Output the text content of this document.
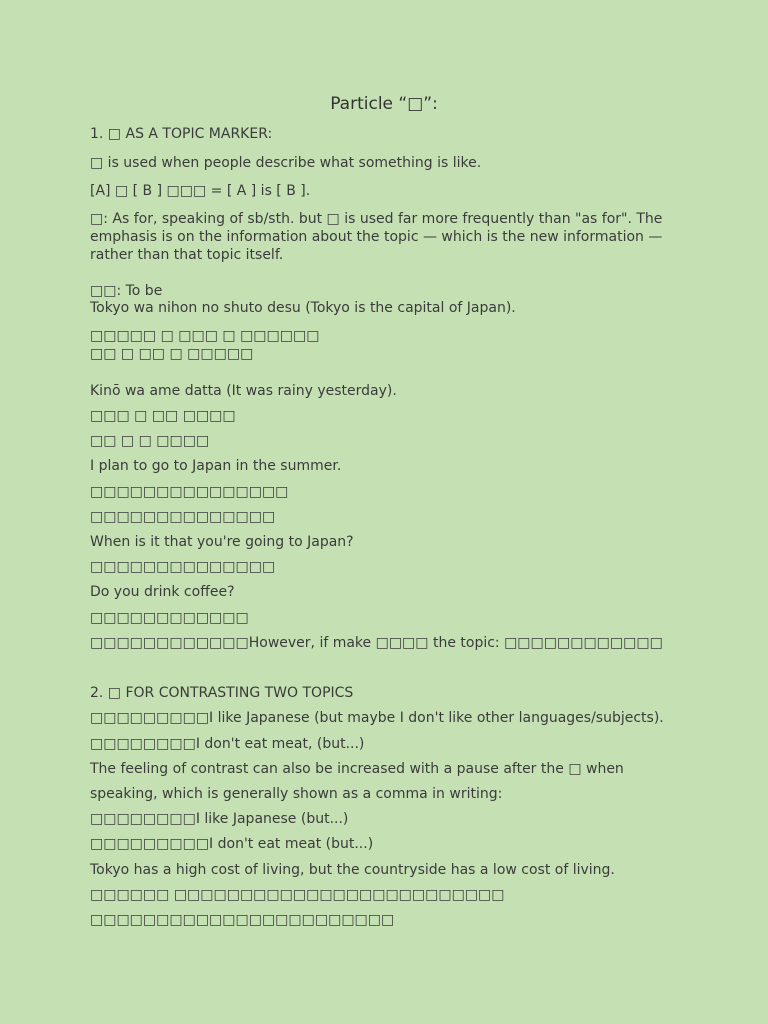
Particle “□”:
1. □ AS A TOPIC MARKER:
□ is used when people describe what something is like.
[A] □ [ B ] □□□ = [ A ] is [ B ].
□: As for, speaking of sb/sth. but □ is used far more frequently than "as for". The emphasis is on the information about the topic — which is the new information — rather than that topic itself.
□□: To be
Tokyo wa nihon no shuto desu (Tokyo is the capital of Japan).
□□□□□ □ □□□ □ □□□□□□
□□ □ □□ □ □□□□□
Kinō wa ame datta (It was rainy yesterday).
□□□ □ □□ □□□□
□□ □ □ □□□□
I plan to go to Japan in the summer.
□□□□□□□□□□□□□□□
□□□□□□□□□□□□□□
When is it that you're going to Japan?
□□□□□□□□□□□□□□
Do you drink coffee?
□□□□□□□□□□□□
□□□□□□□□□□□□However, if make □□□□ the topic: □□□□□□□□□□□□
2. □ FOR CONTRASTING TWO TOPICS
□□□□□□□□□I like Japanese (but maybe I don't like other languages/subjects).
□□□□□□□□I don't eat meat, (but...)
The feeling of contrast can also be increased with a pause after the □ when
speaking, which is generally shown as a comma in writing:
□□□□□□□□I like Japanese (but...)
□□□□□□□□□I don't eat meat (but...)
Tokyo has a high cost of living, but the countryside has a low cost of living.
□□□□□□ □□□□□□□□□□□□□□□□□□□□□□□□□
□□□□□□□□□□□□□□□□□□□□□□□
